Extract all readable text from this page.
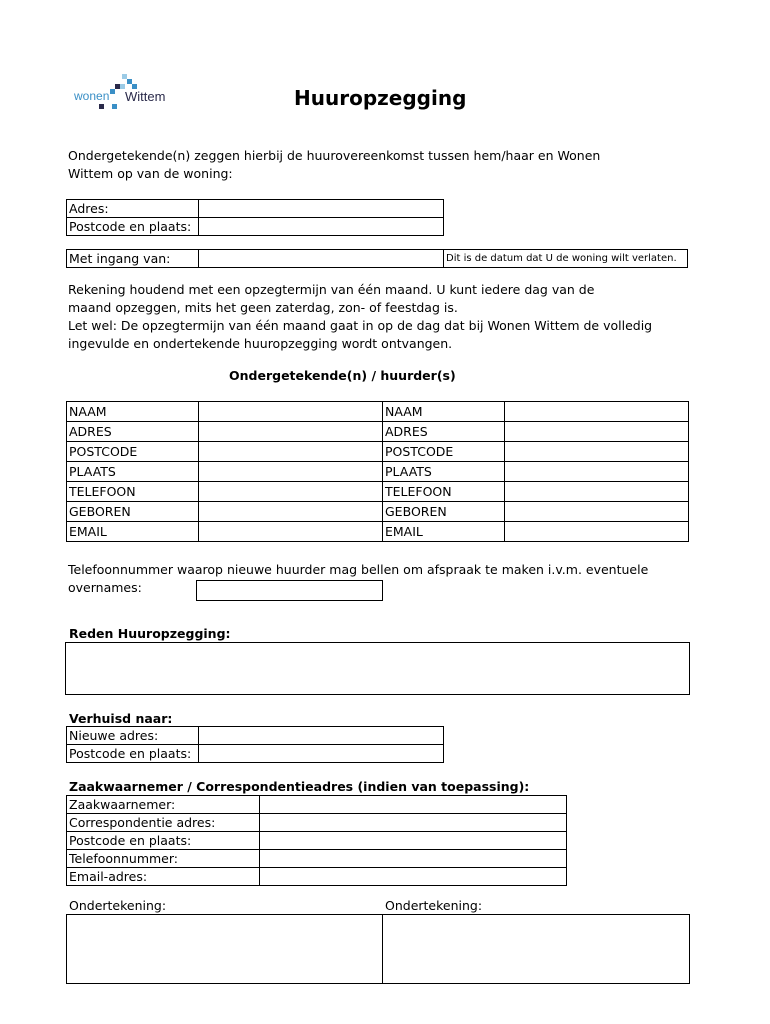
wonen Wittem	Huuropzegging
Ondergetekende(n) zeggen hierbij de huurovereenkomst tussen hem/haar en Wonen
Wittem op van de woning:
Adres:	
Postcode en plaats:	
Met ingang van:		Dit is de datum dat U de woning wilt verlaten.
Rekening houdend met een opzegtermijn van één maand. U kunt iedere dag van de
maand opzeggen, mits het geen zaterdag, zon- of feestdag is.
Let wel: De opzegtermijn van één maand gaat in op de dag dat bij Wonen Wittem de volledig
ingevulde en ondertekende huuropzegging wordt ontvangen.
Ondergetekende(n) / huurder(s)
NAAM		NAAM	
ADRES		ADRES	
POSTCODE		POSTCODE	
PLAATS		PLAATS	
TELEFOON		TELEFOON	
GEBOREN		GEBOREN	
EMAIL		EMAIL	
Telefoonnummer waarop nieuwe huurder mag bellen om afspraak te maken i.v.m. eventuele
overnames:
Reden Huuropzegging:
Verhuisd naar:
Nieuwe adres:	
Postcode en plaats:	
Zaakwaarnemer / Correspondentieadres (indien van toepassing):
Zaakwaarnemer:	
Correspondentie adres:	
Postcode en plaats:	
Telefoonnummer:	
Email-adres:	
Ondertekening:	Ondertekening:
